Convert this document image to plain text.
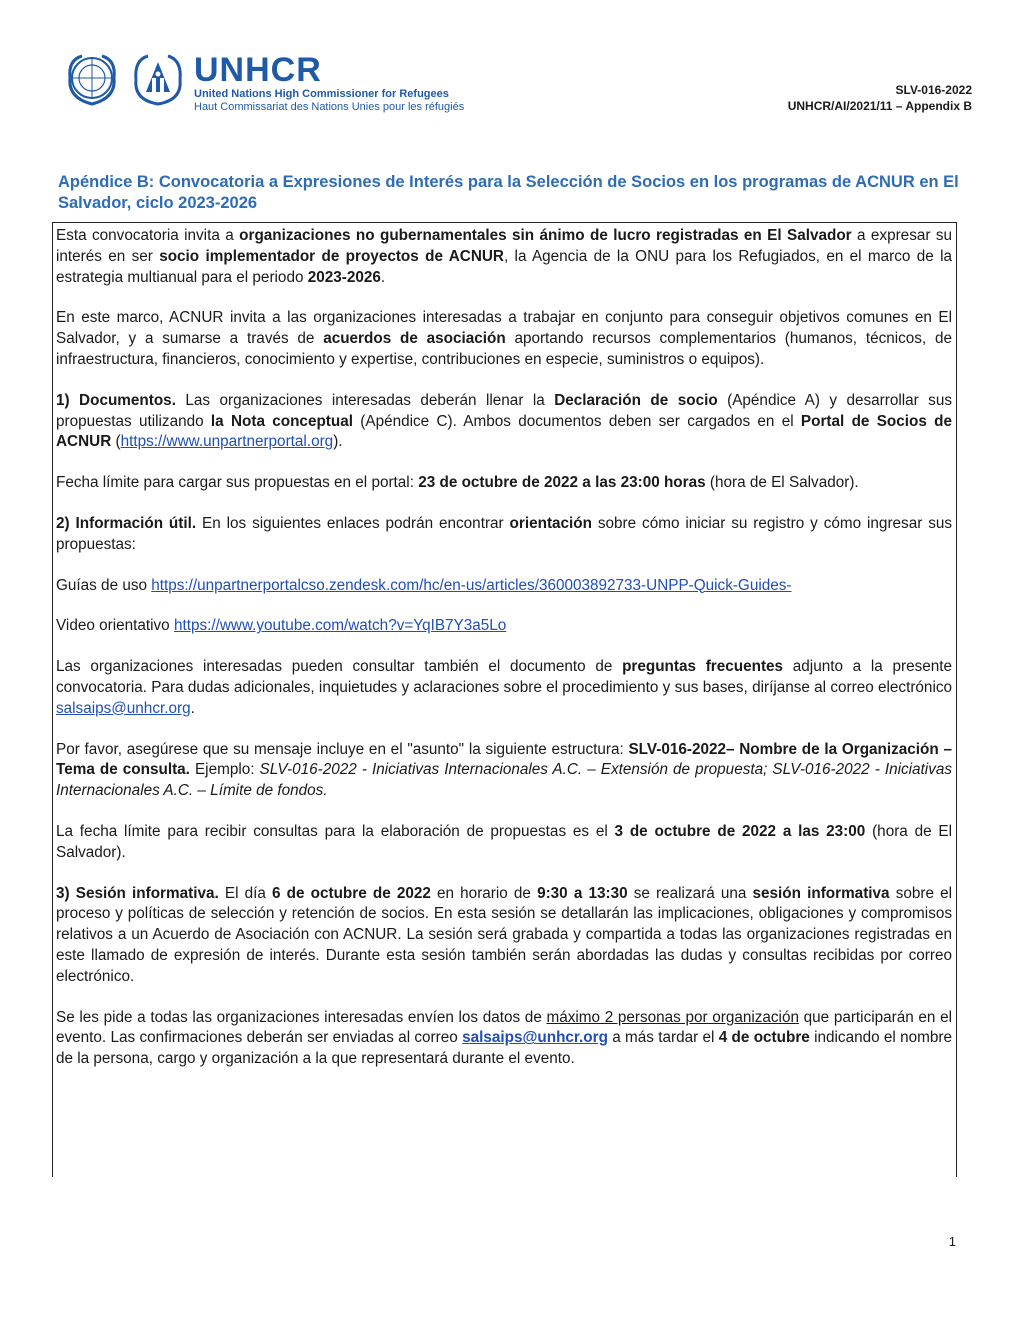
UNHCR
United Nations High Commissioner for Refugees
Haut Commissariat des Nations Unies pour les réfugiés
SLV-016-2022
UNHCR/AI/2021/11 – Appendix B
Apéndice B: Convocatoria a Expresiones de Interés para la Selección de Socios en los programas de ACNUR en El Salvador, ciclo 2023-2026

Esta convocatoria invita a organizaciones no gubernamentales sin ánimo de lucro registradas en El Salvador a expresar su interés en ser socio implementador de proyectos de ACNUR, la Agencia de la ONU para los Refugiados, en el marco de la estrategia multianual para el periodo 2023-2026.

En este marco, ACNUR invita a las organizaciones interesadas a trabajar en conjunto para conseguir objetivos comunes en El Salvador, y a sumarse a través de acuerdos de asociación aportando recursos complementarios (humanos, técnicos, de infraestructura, financieros, conocimiento y expertise, contribuciones en especie, suministros o equipos).

1) Documentos. Las organizaciones interesadas deberán llenar la Declaración de socio (Apéndice A) y desarrollar sus propuestas utilizando la Nota conceptual (Apéndice C). Ambos documentos deben ser cargados en el Portal de Socios de ACNUR (https://www.unpartnerportal.org).

Fecha límite para cargar sus propuestas en el portal: 23 de octubre de 2022 a las 23:00 horas (hora de El Salvador).

2) Información útil. En los siguientes enlaces podrán encontrar orientación sobre cómo iniciar su registro y cómo ingresar sus propuestas:

Guías de uso https://unpartnerportalcso.zendesk.com/hc/en-us/articles/360003892733-UNPP-Quick-Guides-

Video orientativo https://www.youtube.com/watch?v=YqIB7Y3a5Lo

Las organizaciones interesadas pueden consultar también el documento de preguntas frecuentes adjunto a la presente convocatoria. Para dudas adicionales, inquietudes y aclaraciones sobre el procedimiento y sus bases, diríjanse al correo electrónico salsaips@unhcr.org.

Por favor, asegúrese que su mensaje incluye en el "asunto" la siguiente estructura: SLV-016-2022– Nombre de la Organización – Tema de consulta. Ejemplo: SLV-016-2022 - Iniciativas Internacionales A.C. – Extensión de propuesta; SLV-016-2022 - Iniciativas Internacionales A.C. – Límite de fondos.

La fecha límite para recibir consultas para la elaboración de propuestas es el 3 de octubre de 2022 a las 23:00 (hora de El Salvador).

3) Sesión informativa. El día 6 de octubre de 2022 en horario de 9:30 a 13:30 se realizará una sesión informativa sobre el proceso y políticas de selección y retención de socios. En esta sesión se detallarán las implicaciones, obligaciones y compromisos relativos a un Acuerdo de Asociación con ACNUR. La sesión será grabada y compartida a todas las organizaciones registradas en este llamado de expresión de interés. Durante esta sesión también serán abordadas las dudas y consultas recibidas por correo electrónico.

Se les pide a todas las organizaciones interesadas envíen los datos de máximo 2 personas por organización que participarán en el evento. Las confirmaciones deberán ser enviadas al correo salsaips@unhcr.org a más tardar el 4 de octubre indicando el nombre de la persona, cargo y organización a la que representará durante el evento.

1
